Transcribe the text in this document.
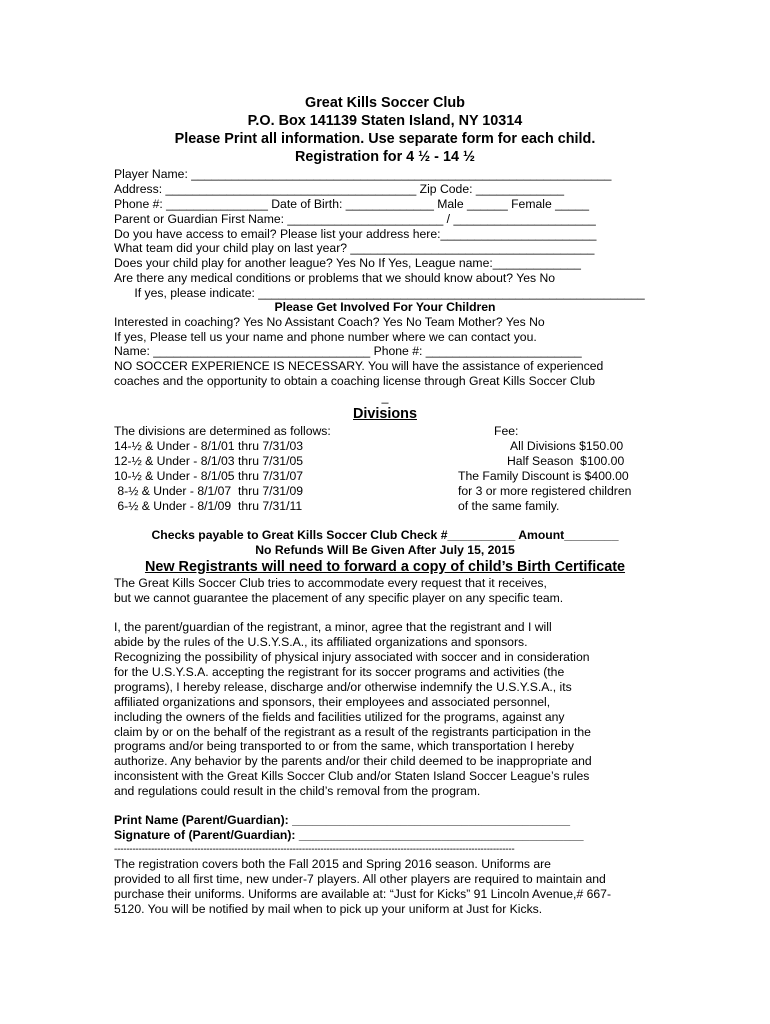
Great Kills Soccer Club

P.O. Box 141139 Staten Island, NY 10314

Please Print all information. Use separate form for each child.

Registration for 4 ½ - 14 ½

Player Name: ______________________________________________________________

Address: _____________________________________ Zip Code: _____________

Phone #: _______________ Date of Birth: _____________ Male ______ Female _____

Parent or Guardian First Name: _______________________ / _____________________

Do you have access to email? Please list your address here:_______________________

What team did your child play on last year? ____________________________________

Does your child play for another league? Yes No If Yes, League name:_____________

Are there any medical conditions or problems that we should know about? Yes No

If yes, please indicate: _________________________________________________________

Please Get Involved For Your Children

Interested in coaching? Yes No Assistant Coach? Yes No Team Mother? Yes No

If yes, Please tell us your name and phone number where we can contact you.

Name: ________________________________ Phone #: _______________________

NO SOCCER EXPERIENCE IS NECESSARY. You will have the assistance of experienced

coaches and the opportunity to obtain a coaching license through Great Kills Soccer Club

_

Divisions

The divisions are determined as follows:

14-½ & Under - 8/1/01 thru 7/31/03

12-½ & Under - 8/1/03 thru 7/31/05

10-½ & Under - 8/1/05 thru 7/31/07

8-½ & Under - 8/1/07  thru 7/31/09

6-½ & Under - 8/1/09  thru 7/31/11

Fee:

All Divisions $150.00

Half Season  $100.00

The Family Discount is $400.00

for 3 or more registered children

of the same family.

Checks payable to Great Kills Soccer Club Check #__________ Amount________

No Refunds Will Be Given After July 15, 2015

New Registrants will need to forward a copy of child’s Birth Certificate

The Great Kills Soccer Club tries to accommodate every request that it receives,

but we cannot guarantee the placement of any specific player on any specific team.

I, the parent/guardian of the registrant, a minor, agree that the registrant and I will

abide by the rules of the U.S.Y.S.A., its affiliated organizations and sponsors.

Recognizing the possibility of physical injury associated with soccer and in consideration

for the U.S.Y.S.A. accepting the registrant for its soccer programs and activities (the

programs), I hereby release, discharge and/or otherwise indemnify the U.S.Y.S.A., its

affiliated organizations and sponsors, their employees and associated personnel,

including the owners of the fields and facilities utilized for the programs, against any

claim by or on the behalf of the registrant as a result of the registrants participation in the

programs and/or being transported to or from the same, which transportation I hereby

authorize. Any behavior by the parents and/or their child deemed to be inappropriate and

inconsistent with the Great Kills Soccer Club and/or Staten Island Soccer League’s rules

and regulations could result in the child’s removal from the program.

Print Name (Parent/Guardian): _________________________________________

Signature of (Parent/Guardian): __________________________________________

----------------------------------------------------------------------------------------------------------------------------------

The registration covers both the Fall 2015 and Spring 2016 season. Uniforms are

provided to all first time, new under-7 players. All other players are required to maintain and

purchase their uniforms. Uniforms are available at: “Just for Kicks” 91 Lincoln Avenue,# 667-

5120. You will be notified by mail when to pick up your uniform at Just for Kicks.
